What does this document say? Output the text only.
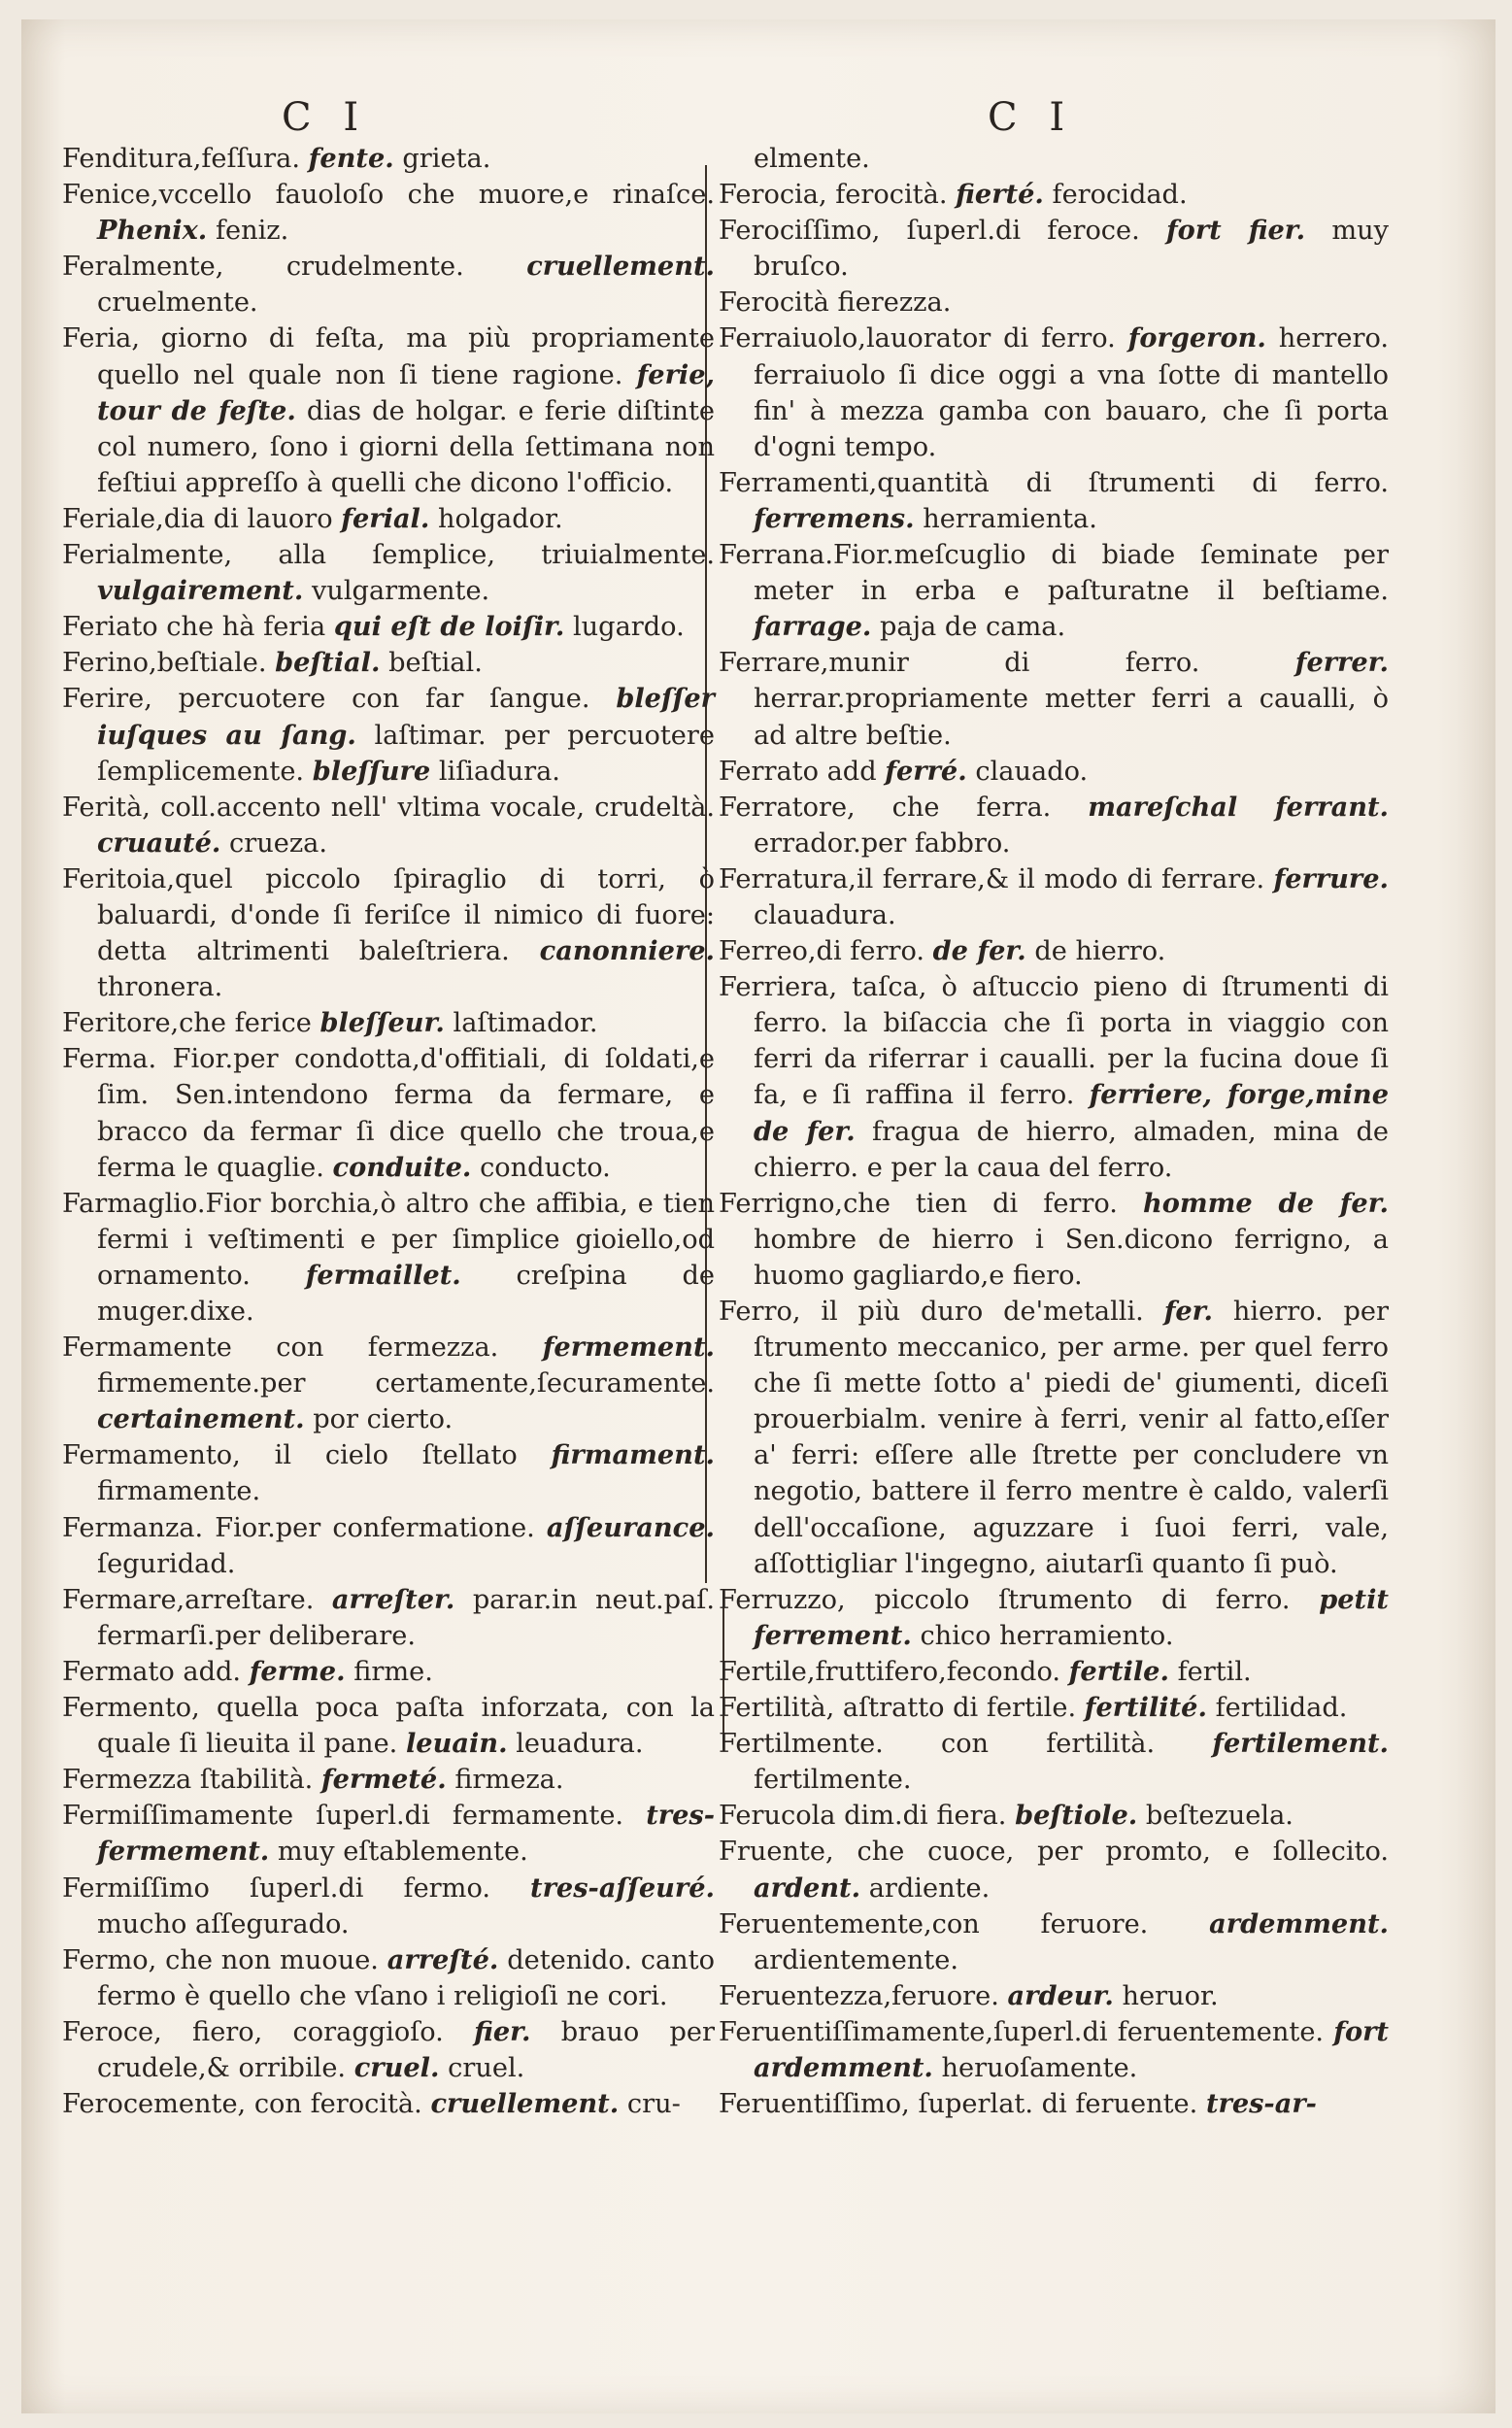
C I	C I
Fenditura,feſſura. fente. grieta.
Fenice,vccello fauoloſo che muore,e rinaſce. Phenix. feniz.
Feralmente, crudelmente. cruellement. cruelmente.
Feria, giorno di feſta, ma più propriamente quello nel quale non ſi tiene ragione. ferie, tour de feſte. dias de holgar. e ferie diſtinte col numero, ſono i giorni della ſettimana non feſtiui appreſſo à quelli che dicono l'officio.
Feriale,dia di lauoro ferial. holgador.
Ferialmente, alla ſemplice, triuialmente. vulgairement. vulgarmente.
Feriato che hà feria qui eſt de loiſir. lugardo.
Ferino,beſtiale. beſtial. beſtial.
Ferire, percuotere con far ſangue. bleſſer iuſques au ſang. laſtimar. per percuotere ſemplicemente. bleſſure liſiadura.
Ferità, coll.accento nell' vltima vocale, crudeltà. cruauté. crueza.
Feritoia,quel piccolo ſpiraglio di torri, ò baluardi, d'onde ſi feriſce il nimico di fuore: detta altrimenti baleſtriera. canonniere. thronera.
Feritore,che ferice bleſſeur. laſtimador.
Ferma. Fior.per condotta,d'offitiali, di ſoldati,e ſim. Sen.intendono ferma da fermare, e bracco da fermar ſi dice quello che troua,e ferma le quaglie. conduite. conducto.
Farmaglio.Fior borchia,ò altro che affibia, e tien fermi i veſtimenti e per ſimplice gioiello,od ornamento. fermaillet. creſpina de muger.dixe.
Fermamente con fermezza. fermement. firmemente.per certamente,ſecuramente. certainement. por cierto.
Fermamento, il cielo ſtellato firmament. firmamente.
Fermanza. Fior.per confermatione. aſſeurance. ſeguridad.
Fermare,arreſtare. arreſter. parar.in neut.paſ. fermarſi.per deliberare.
Fermato add. ferme. firme.
Fermento, quella poca paſta inforzata, con la quale ſi lieuita il pane. leuain. leuadura.
Fermezza ſtabilità. fermeté. firmeza.
Fermiſſimamente ſuperl.di fermamente. tres-fermement. muy eſtablemente.
Fermiſſimo ſuperl.di fermo. tres-aſſeuré. mucho aſſegurado.
Fermo, che non muoue. arreſté. detenido. canto fermo è quello che vſano i religioſi ne cori.
Feroce, fiero, coraggioſo. fier. brauo per crudele,& orribile. cruel. cruel.
Ferocemente, con ferocità. cruellement. cru-
elmente.
Ferocia, ferocità. fierté. ferocidad.
Ferociſſimo, ſuperl.di feroce. fort fier. muy bruſco.
Ferocità fierezza.
Ferraiuolo,lauorator di ferro. forgeron. herrero. ferraiuolo ſi dice oggi a vna ſotte di mantello fin' à mezza gamba con bauaro, che ſi porta d'ogni tempo.
Ferramenti,quantità di ſtrumenti di ferro. ferremens. herramienta.
Ferrana.Fior.meſcuglio di biade ſeminate per meter in erba e paſturatne il beſtiame. farrage. paja de cama.
Ferrare,munir di ferro.	ferrer. herrar.propriamente metter ferri a caualli, ò ad altre beſtie.
Ferrato add ferré. clauado.
Ferratore, che ferra. mareſchal ferrant. errador.per fabbro.
Ferratura,il ferrare,& il modo di ferrare. ferrure. clauadura.
Ferreo,di ferro. de fer. de hierro.
Ferriera, taſca, ò aſtuccio pieno di ſtrumenti di ferro. la biſaccia che ſi porta in viaggio con ferri da riferrar i caualli. per la fucina doue ſi fa, e ſi raffina il ferro. ferriere, forge,mine de fer. fragua de hierro, almaden, mina de chierro. e per la caua del ferro.
Ferrigno,che tien di ferro. homme de fer. hombre de hierro i Sen.dicono ferrigno, a huomo gagliardo,e fiero.
Ferro, il più duro de'metalli. fer. hierro. per ſtrumento meccanico, per arme. per quel ferro che ſi mette ſotto a' piedi de' giumenti, diceſi prouerbialm. venire à ferri, venir al fatto,eſſer a' ferri: eſſere alle ſtrette per concludere vn negotio, battere il ferro mentre è caldo, valerſi dell'occaſione, aguzzare i ſuoi ferri, vale, aſſottigliar l'ingegno, aiutarſi quanto ſi può.
Ferruzzo, piccolo ſtrumento di ferro. petit ferrement. chico herramiento.
Fertile,fruttifero,fecondo. fertile. fertil.
Fertilità, aſtratto di fertile. fertilité. fertilidad.
Fertilmente. con fertilità. fertilement. fertilmente.
Ferucola dim.di fiera. beſtiole. beſtezuela.
Fruente, che cuoce, per promto, e ſollecito. ardent. ardiente.
Feruentemente,con feruore. ardemment. ardientemente.
Feruentezza,feruore. ardeur. heruor.
Feruentiſſimamente,ſuperl.di feruentemente. fort ardemment. heruoſamente.
Feruentiſſimo, ſuperlat. di feruente. tres-ar-
